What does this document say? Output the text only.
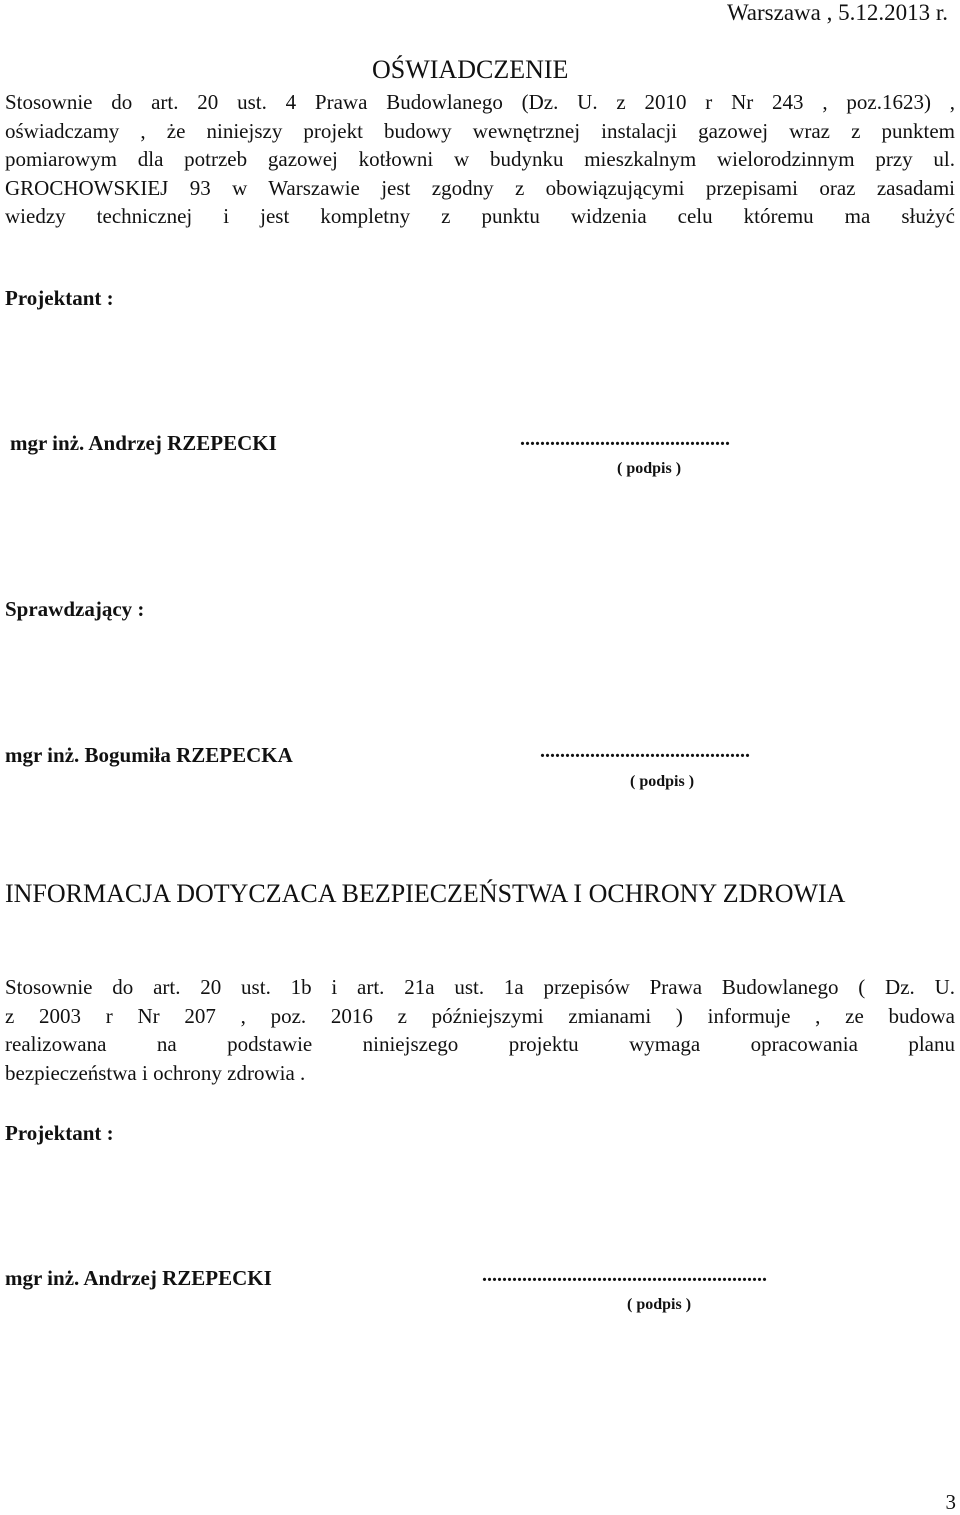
Warszawa , 5.12.2013 r.
OŚWIADCZENIE
Stosownie do art. 20 ust. 4 Prawa Budowlanego (Dz. U. z 2010 r Nr 243 , poz.1623) ,
oświadczamy , że niniejszy projekt budowy wewnętrznej instalacji gazowej wraz z punktem
pomiarowym dla potrzeb gazowej kotłowni w budynku mieszkalnym wielorodzinnym przy ul.
GROCHOWSKIEJ 93 w Warszawie jest zgodny z obowiązującymi przepisami oraz zasadami
wiedzy technicznej i jest kompletny z punktu widzenia celu któremu ma służyć
Projektant :
mgr inż. Andrzej RZEPECKI	..........................................
( podpis )
Sprawdzający :
mgr inż. Bogumiła RZEPECKA	..........................................
( podpis )
INFORMACJA DOTYCZACA BEZPIECZEŃSTWA I OCHRONY ZDROWIA
Stosownie do art. 20 ust. 1b i art. 21a ust. 1a przepisów Prawa Budowlanego ( Dz. U.
z 2003 r Nr 207 , poz. 2016 z późniejszymi zmianami ) informuje , ze budowa
realizowana na podstawie niniejszego projektu wymaga opracowania planu
bezpieczeństwa i ochrony zdrowia .
Projektant :
mgr inż. Andrzej RZEPECKI	.........................................................
( podpis )
3
